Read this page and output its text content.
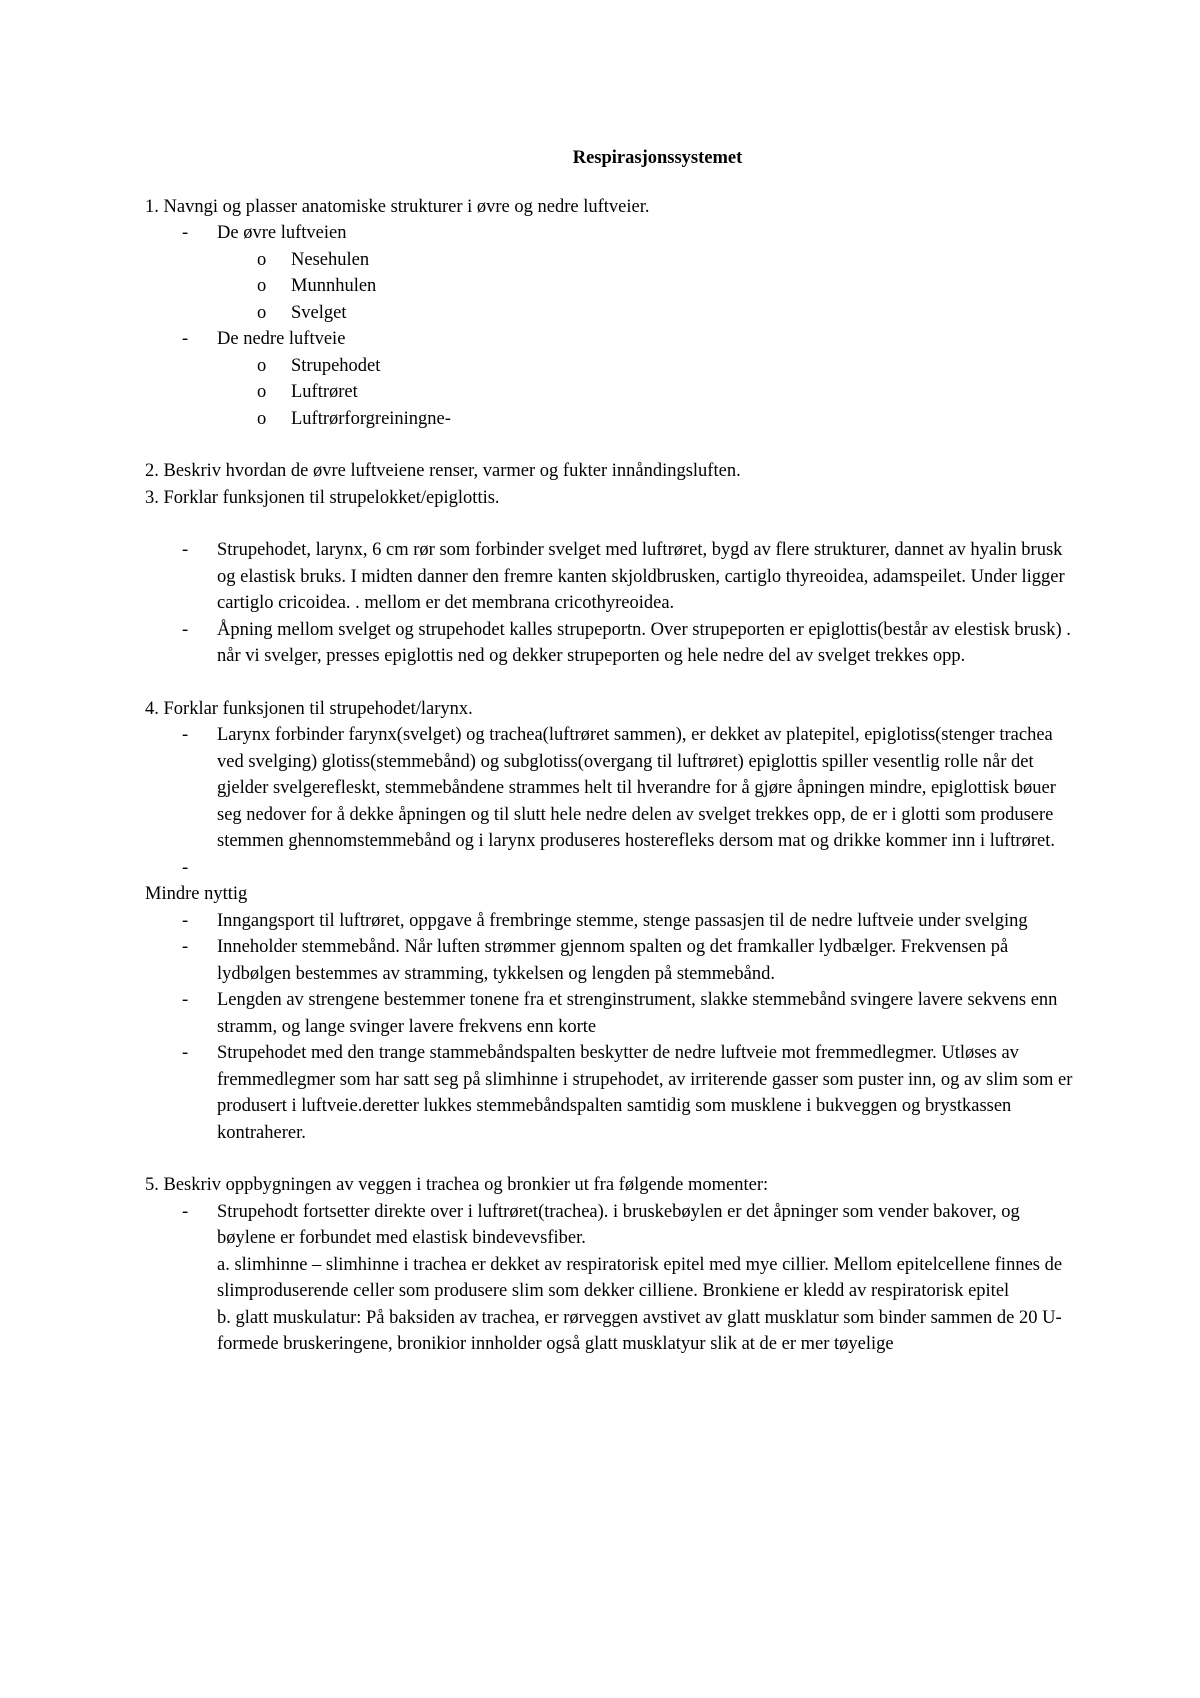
Respirasjonssystemet

1. Navngi og plasser anatomiske strukturer i øvre og nedre luftveier.

- De øvre luftveien

o Nesehulen

o Munnhulen

o Svelget

- De nedre luftveie

o Strupehodet

o Luftrøret

o Luftrørforgreiningne-

2. Beskriv hvordan de øvre luftveiene renser, varmer og fukter innåndingsluften.

3. Forklar funksjonen til strupelokket/epiglottis.

- Strupehodet, larynx, 6 cm rør som forbinder svelget med luftrøret, bygd av flere strukturer, dannet av hyalin brusk og elastisk bruks. I midten danner den fremre kanten skjoldbrusken, cartiglo thyreoidea, adamspeilet. Under ligger cartiglo cricoidea. . mellom er det membrana cricothyreoidea.

- Åpning mellom svelget og strupehodet kalles strupeportn. Over strupeporten er epiglottis(består av elestisk brusk) . når vi svelger, presses epiglottis ned og dekker strupeporten og hele nedre del av svelget trekkes opp.

4. Forklar funksjonen til strupehodet/larynx.

- Larynx forbinder farynx(svelget) og trachea(luftrøret sammen), er dekket av platepitel, epiglotiss(stenger trachea ved svelging) glotiss(stemmebånd) og subglotiss(overgang til luftrøret) epiglottis spiller vesentlig rolle når det gjelder svelgerefleskt, stemmebåndene strammes helt til hverandre for å gjøre åpningen mindre, epiglottisk bøuer seg nedover for å dekke åpningen og til slutt hele nedre delen av svelget trekkes opp, de er i glotti som produsere stemmen ghennomstemmebånd og i larynx produseres hosterefleks dersom mat og drikke kommer inn i luftrøret.

-

Mindre nyttig

- Inngangsport til luftrøret, oppgave å frembringe stemme, stenge passasjen til de nedre luftveie under svelging

- Inneholder stemmebånd. Når luften strømmer gjennom spalten og det framkaller lydbælger. Frekvensen på lydbølgen bestemmes av stramming, tykkelsen og lengden på stemmebånd.

- Lengden av strengene bestemmer tonene fra et strenginstrument, slakke stemmebånd svingere lavere sekvens enn stramm, og lange svinger lavere frekvens enn korte

- Strupehodet med den trange stammebåndspalten beskytter de nedre luftveie mot fremmedlegmer. Utløses av fremmedlegmer som har satt seg på slimhinne i strupehodet, av irriterende gasser som puster inn, og av slim som er produsert i luftveie.deretter lukkes stemmebåndspalten samtidig som musklene i bukveggen og brystkassen kontraherer.

5. Beskriv oppbygningen av veggen i trachea og bronkier ut fra følgende momenter:

- Strupehodt fortsetter direkte over i luftrøret(trachea). i bruskebøylen er det åpninger som vender bakover, og bøylene er forbundet med elastisk bindevevsfiber.

a. slimhinne – slimhinne i trachea er dekket av respiratorisk epitel med mye cillier. Mellom epitelcellene finnes de slimproduserende celler som produsere slim som dekker cilliene. Bronkiene er kledd av respiratorisk epitel

b. glatt muskulatur: På baksiden av trachea, er rørveggen avstivet av glatt musklatur som binder sammen de 20 U-formede bruskeringene, bronikior innholder også glatt musklatyur slik at de er mer tøyelige
